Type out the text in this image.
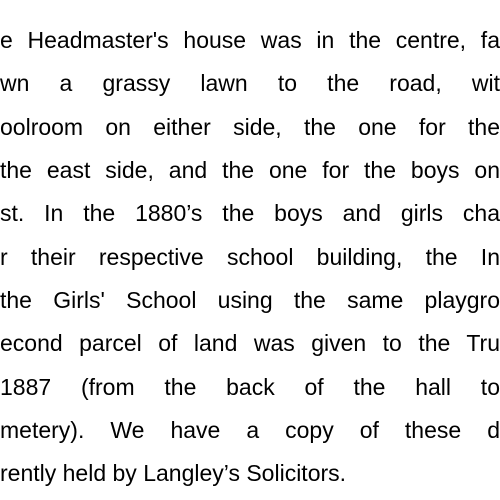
e Headmaster's house was in the centre, fa
wn a grassy lawn to the road, wit
oolroom on either side, the one for the
the east side, and the one for the boys on
st. In the 1880’s the boys and girls cha
r their respective school building, the In
the Girls' School using the same playgro
econd parcel of land was given to the Tru
1887 (from the back of the hall to
metery). We have a copy of these d
rently held by Langley’s Solicitors.
